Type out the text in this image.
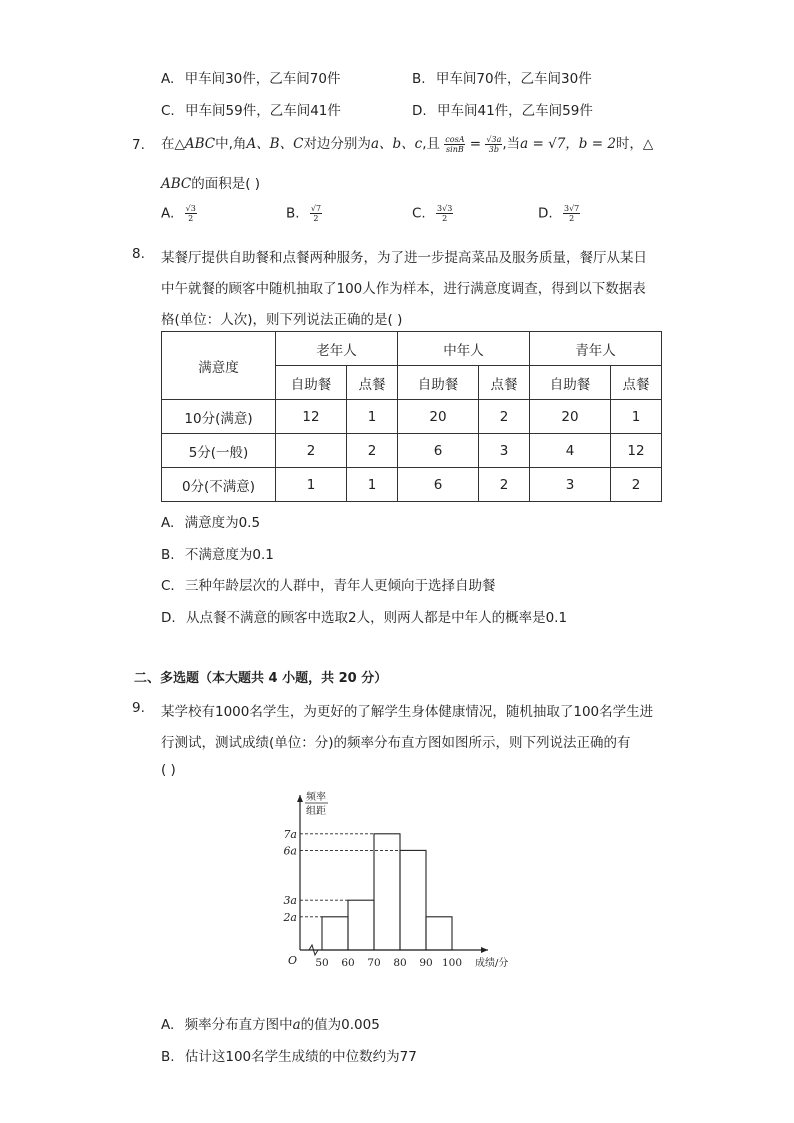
A. 甲车间30件，乙车间70件	B. 甲车间70件，乙车间30件
C. 甲车间59件，乙车间41件	D. 甲车间41件，乙车间59件
7. 在△ABC中,角A、B、C对边分别为a、b、c,且 $\frac{\cos A}{\sin B} = \frac{√3a}{3b}$ ,当a = √7，b = 2时，△
ABC的面积是( )
A. $\frac{√3}{2}$	B. $\frac{√7}{2}$	C. $\frac{3√3}{2}$	D. $\frac{3√7}{2}$
8. 某餐厅提供自助餐和点餐两种服务，为了进一步提高菜品及服务质量，餐厅从某日
中午就餐的顾客中随机抽取了100人作为样本，进行满意度调查，得到以下数据表
格(单位：人次)，则下列说法正确的是( )
满意度	老年人		中年人		青年人	
	自助餐	点餐	自助餐	点餐	自助餐	点餐
10分(满意)	12	1	20	2	20	1
5分(一般)	2	2	6	3	4	12
0分(不满意)	1	1	6	2	3	2
A. 满意度为0.5
B. 不满意度为0.1
C. 三种年龄层次的人群中，青年人更倾向于选择自助餐
D. 从点餐不满意的顾客中选取2人，则两人都是中年人的概率是0.1
二、多选题（本大题共 4 小题，共 20 分）
9. 某学校有1000名学生，为更好的了解学生身体健康情况，随机抽取了100名学生进
行测试，测试成绩(单位：分)的频率分布直方图如图所示，则下列说法正确的有
( )
频率
组距
2a
3a
6a
7a
50 60 70 80 90 100
O	成绩/分
A. 频率分布直方图中a的值为0.005
B. 估计这100名学生成绩的中位数约为77
